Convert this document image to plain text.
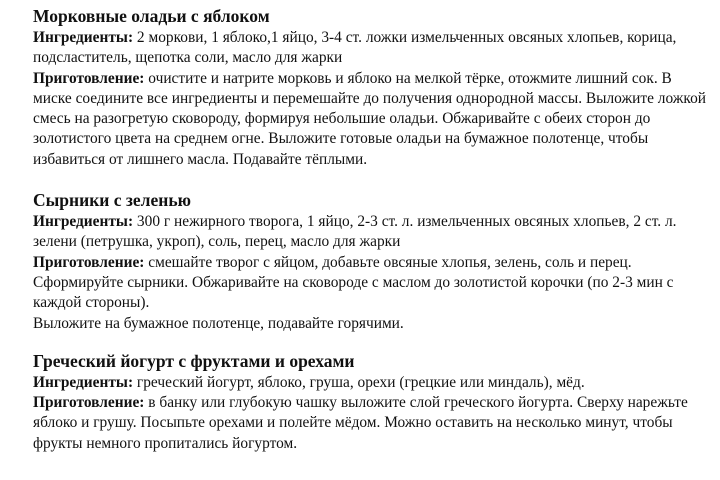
Морковные оладьи с яблоком

Ингредиенты: 2 моркови, 1 яблоко,1 яйцо, 3-4 ст. ложки измельченных овсяных хлопьев, корица, подсластитель, щепотка соли, масло для жарки

Приготовление: очистите и натрите морковь и яблоко на мелкой тёрке, отожмите лишний сок. В миске соедините все ингредиенты и перемешайте до получения однородной массы. Выложите ложкой смесь на разогретую сковороду, формируя небольшие оладьи. Обжаривайте с обеих сторон до золотистого цвета на среднем огне. Выложите готовые оладьи на бумажное полотенце, чтобы избавиться от лишнего масла. Подавайте тёплыми.

Сырники с зеленью

Ингредиенты: 300 г нежирного творога, 1 яйцо, 2-3 ст. л. измельченных овсяных хлопьев, 2 ст. л. зелени (петрушка, укроп), соль, перец, масло для жарки

Приготовление: смешайте творог с яйцом, добавьте овсяные хлопья, зелень, соль и перец. Сформируйте сырники. Обжаривайте на сковороде с маслом до золотистой корочки (по 2-3 мин с каждой стороны).

Выложите на бумажное полотенце, подавайте горячими.

Греческий йогурт с фруктами и орехами

Ингредиенты: греческий йогурт, яблоко, груша, орехи (грецкие или миндаль), мёд.

Приготовление: в банку или глубокую чашку выложите слой греческого йогурта. Сверху нарежьте яблоко и грушу. Посыпьте орехами и полейте мёдом. Можно оставить на несколько минут, чтобы фрукты немного пропитались йогуртом.
